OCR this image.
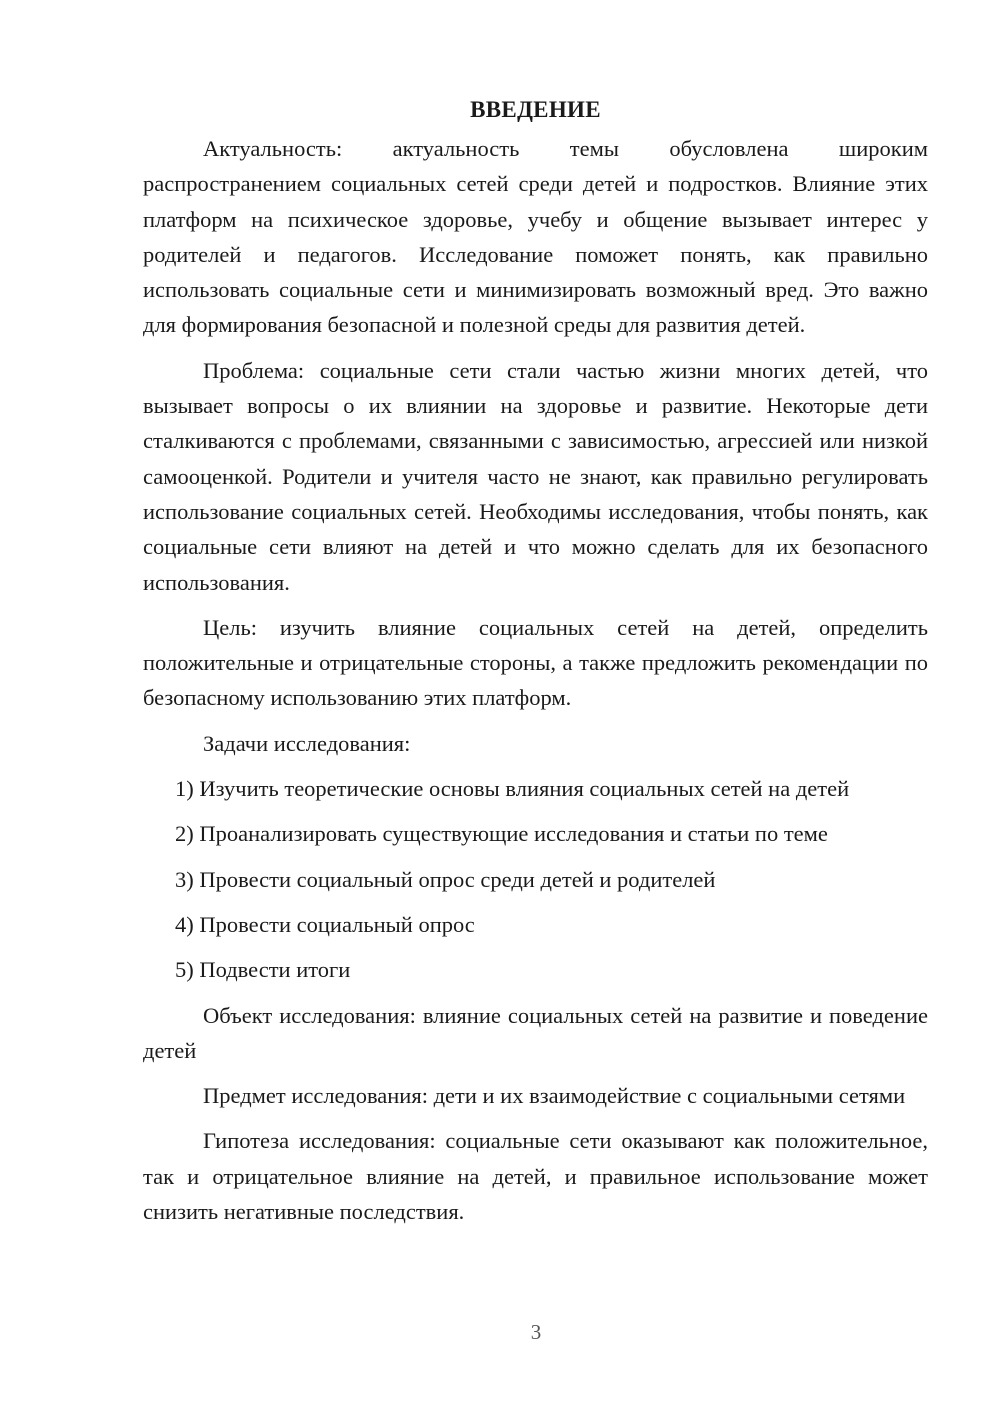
ВВЕДЕНИЕ

Актуальность: актуальность темы обусловлена широким распространением социальных сетей среди детей и подростков. Влияние этих платформ на психическое здоровье, учебу и общение вызывает интерес у родителей и педагогов. Исследование поможет понять, как правильно использовать социальные сети и минимизировать возможный вред. Это важно для формирования безопасной и полезной среды для развития детей.

Проблема: социальные сети стали частью жизни многих детей, что вызывает вопросы о их влиянии на здоровье и развитие. Некоторые дети сталкиваются с проблемами, связанными с зависимостью, агрессией или низкой самооценкой. Родители и учителя часто не знают, как правильно регулировать использование социальных сетей. Необходимы исследования, чтобы понять, как социальные сети влияют на детей и что можно сделать для их безопасного использования.

Цель: изучить влияние социальных сетей на детей, определить положительные и отрицательные стороны, а также предложить рекомендации по безопасному использованию этих платформ.

Задачи исследования:

1) Изучить теоретические основы влияния социальных сетей на детей
2) Проанализировать существующие исследования и статьи по теме
3) Провести социальный опрос среди детей и родителей
4) Провести социальный опрос
5) Подвести итоги

Объект исследования: влияние социальных сетей на развитие и поведение детей

Предмет исследования: дети и их взаимодействие с социальными сетями

Гипотеза исследования: социальные сети оказывают как положительное, так и отрицательное влияние на детей, и правильное использование может снизить негативные последствия.

3
